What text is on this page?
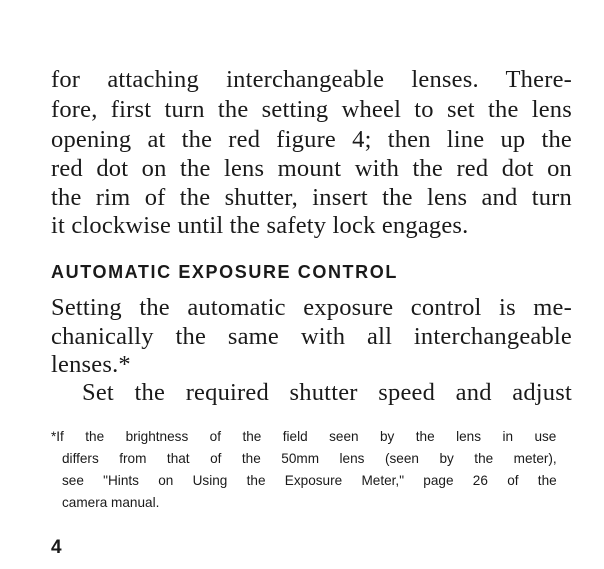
for attaching interchangeable lenses. There-
fore, first turn the setting wheel to set the lens
opening at the red figure 4; then line up the
red dot on the lens mount with the red dot on
the rim of the shutter, insert the lens and turn
it clockwise until the safety lock engages.
AUTOMATIC EXPOSURE CONTROL
Setting the automatic exposure control is me-
chanically the same with all interchangeable
lenses.*
Set the required shutter speed and adjust
*If the brightness of the field seen by the lens in use
differs from that of the 50mm lens (seen by the meter),
see "Hints on Using the Exposure Meter," page 26 of the
camera manual.
4
